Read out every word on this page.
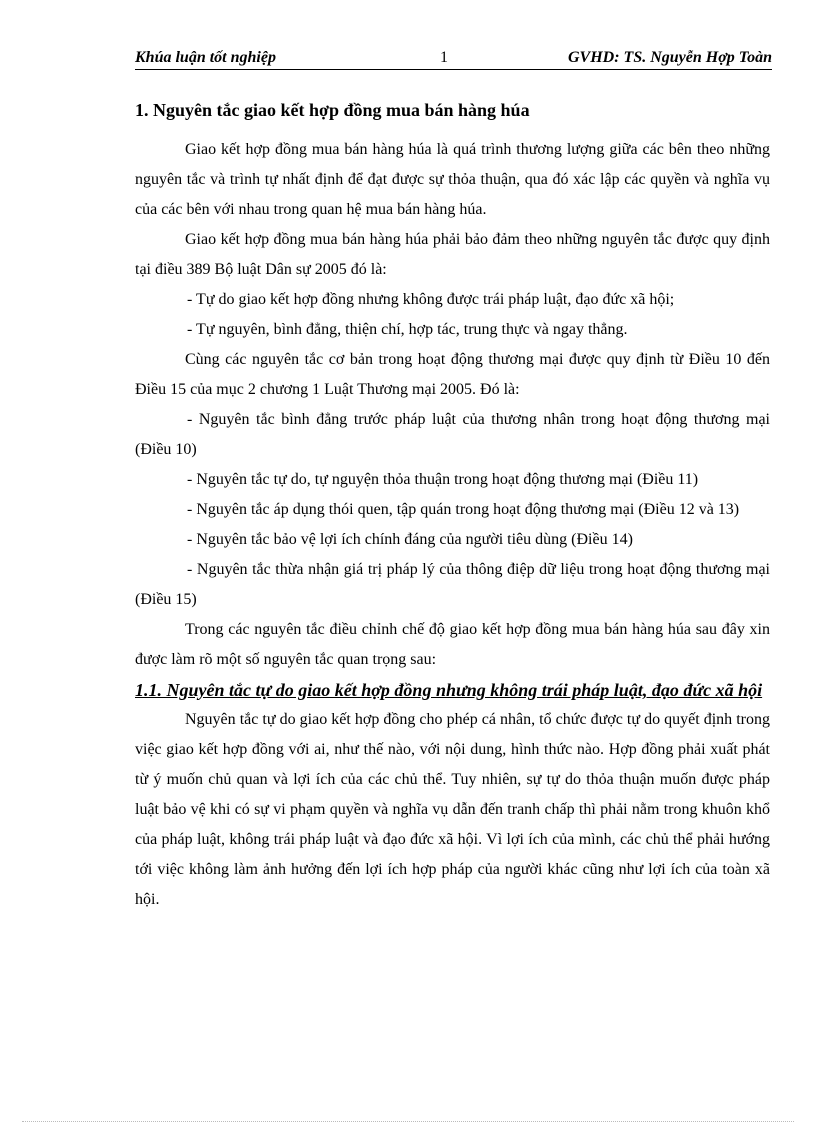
Khúa luận tốt nghiệp	1	GVHD: TS. Nguyễn Hợp Toàn
1. Nguyên tắc giao kết hợp đồng mua bán hàng húa

Giao kết hợp đồng mua bán hàng húa là quá trình thương lượng giữa các bên theo những nguyên tắc và trình tự nhất định để đạt được sự thỏa thuận, qua đó xác lập các quyền và nghĩa vụ của các bên với nhau trong quan hệ mua bán hàng húa.

Giao kết hợp đồng mua bán hàng húa phải bảo đảm theo những nguyên tắc được quy định tại điều 389 Bộ luật Dân sự 2005 đó là:

- Tự do giao kết hợp đồng nhưng không được trái pháp luật, đạo đức xã hội;

- Tự nguyên, bình đẳng, thiện chí, hợp tác, trung thực và ngay thẳng.

Cùng các nguyên tắc cơ bản trong hoạt động thương mại được quy định từ Điều 10 đến Điều 15 của mục 2 chương 1 Luật Thương mại 2005. Đó là:

- Nguyên tắc bình đẳng trước pháp luật của thương nhân trong hoạt động thương mại (Điều 10)

- Nguyên tắc tự do, tự nguyện thỏa thuận trong hoạt động thương mại (Điều 11)

- Nguyên tắc áp dụng thói quen, tập quán trong hoạt động thương mại (Điều 12 và 13)

- Nguyên tắc bảo vệ lợi ích chính đáng của người tiêu dùng (Điều 14)

- Nguyên tắc thừa nhận giá trị pháp lý của thông điệp dữ liệu trong hoạt động thương mại (Điều 15)

Trong các nguyên tắc điều chỉnh chế độ giao kết hợp đồng mua bán hàng húa sau đây xin được làm rõ một số nguyên tắc quan trọng sau:

1.1. Nguyên tắc tự do giao kết hợp đồng nhưng không trái pháp luật, đạo đức xã hội

Nguyên tắc tự do giao kết hợp đồng cho phép cá nhân, tổ chức được tự do quyết định trong việc giao kết hợp đồng với ai, như thế nào, với nội dung, hình thức nào. Hợp đồng phải xuất phát từ ý muốn chủ quan và lợi ích của các chủ thể. Tuy nhiên, sự tự do thỏa thuận muốn được pháp luật bảo vệ khi có sự vi phạm quyền và nghĩa vụ dẫn đến tranh chấp thì phải nằm trong khuôn khổ của pháp luật, không trái pháp luật và đạo đức xã hội. Vì lợi ích của mình, các chủ thể phải hướng tới việc không làm ảnh hưởng đến lợi ích hợp pháp của người khác cũng như lợi ích của toàn xã hội.
